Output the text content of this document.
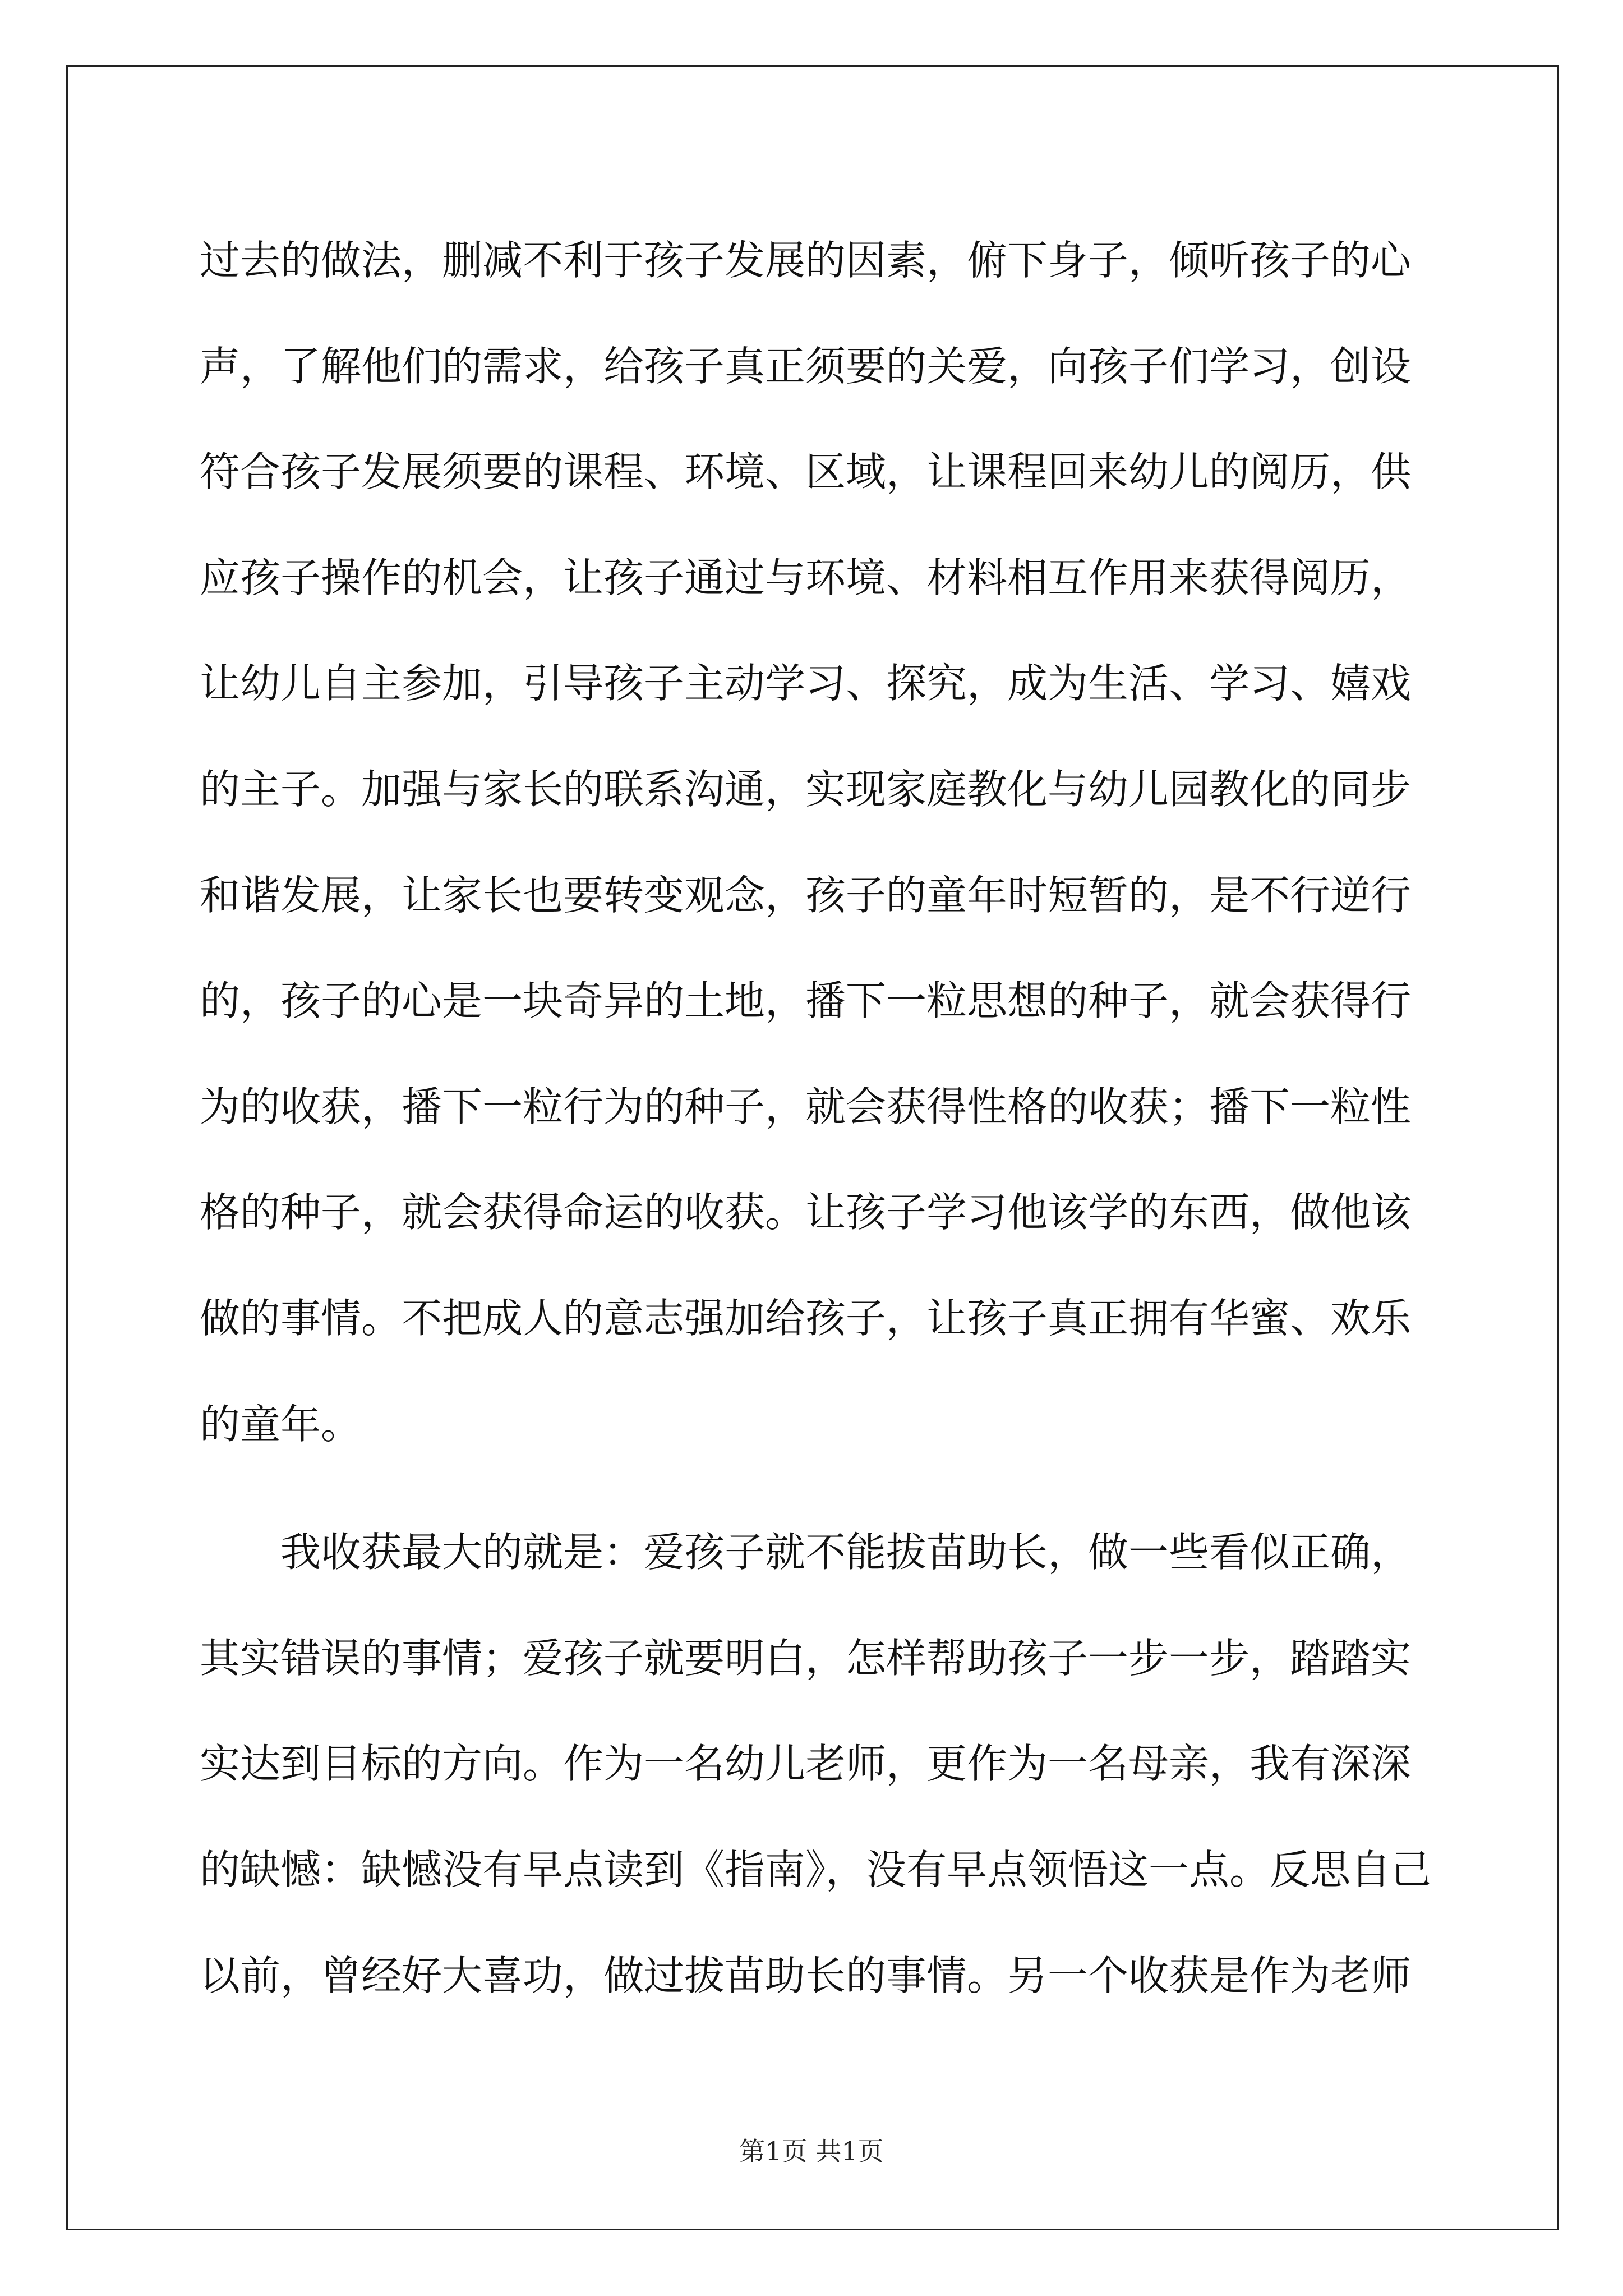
过去的做法，删减不利于孩子发展的因素，俯下身子，倾听孩子的心
声，了解他们的需求，给孩子真正须要的关爱，向孩子们学习，创设
符合孩子发展须要的课程、环境、区域，让课程回来幼儿的阅历，供
应孩子操作的机会，让孩子通过与环境、材料相互作用来获得阅历，
让幼儿自主参加，引导孩子主动学习、探究，成为生活、学习、嬉戏
的主子。加强与家长的联系沟通，实现家庭教化与幼儿园教化的同步
和谐发展，让家长也要转变观念，孩子的童年时短暂的，是不行逆行
的，孩子的心是一块奇异的土地，播下一粒思想的种子，就会获得行
为的收获，播下一粒行为的种子，就会获得性格的收获；播下一粒性
格的种子，就会获得命运的收获。让孩子学习他该学的东西，做他该
做的事情。不把成人的意志强加给孩子，让孩子真正拥有华蜜、欢乐
的童年。
我收获最大的就是：爱孩子就不能拔苗助长，做一些看似正确，
其实错误的事情；爱孩子就要明白，怎样帮助孩子一步一步，踏踏实
实达到目标的方向。作为一名幼儿老师，更作为一名母亲，我有深深
的缺憾：缺憾没有早点读到《指南》，没有早点领悟这一点。反思自己
以前，曾经好大喜功，做过拔苗助长的事情。另一个收获是作为老师
第1页 共1页
